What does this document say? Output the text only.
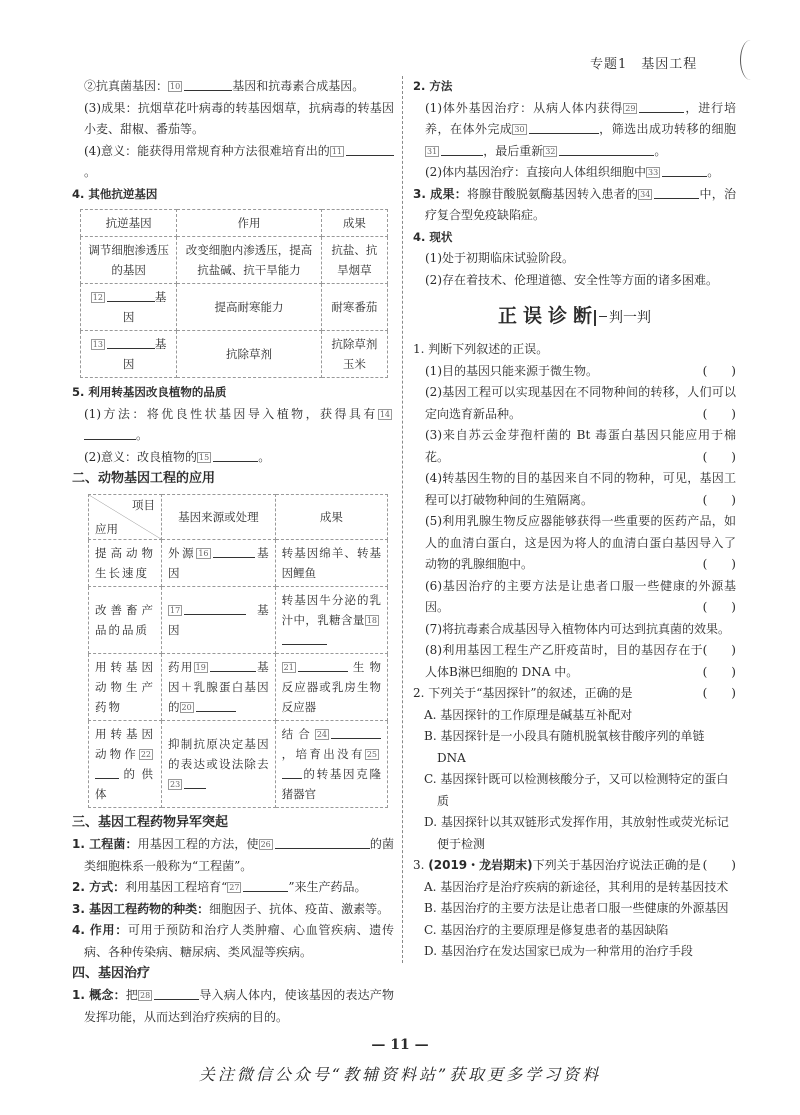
专题1　基因工程
②抗真菌基因： 10	基因和抗毒素合成基因。
(3)成果：抗烟草花叶病毒的转基因烟草，抗病毒的转基因小麦、甜椒、番茄等。
(4)意义：能获得用常规育种方法很难培育出的 11。
4. 其他抗逆基因
抗逆基因	作用	成果
调节细胞渗透压的基因	改变细胞内渗透压，提高抗盐碱、抗干旱能力	抗盐、抗旱烟草
12 基因	提高耐寒能力	耐寒番茄
13 基因	抗除草剂	抗除草剂玉米
5. 利用转基因改良植物的品质
(1)方法：将优良性状基因导入植物，获得具有 14。
(2)意义：改良植物的 15	。
二、动物基因工程的应用
项目
应用	基因来源或处理	成果
提高动物生长速度	外源 16 基因	转基因绵羊、转基因鲤鱼
改善畜产品的品质	17 基因	转基因牛分泌的乳汁中，乳糖含量 18
用转基因动物生产药物	药用 19 基因＋乳腺蛋白基因的 20	21 生物反应器或乳房生物反应器
用转基因动物作 22的供体	抑制抗原决定基因的表达或设法除去23	结合 24，培育出没有 25的转基因克隆猪器官
三、基因工程药物异军突起
1. 工程菌：用基因工程的方法，使 26	的菌类细胞株系一般称为“工程菌”。
2. 方式：利用基因工程培育“ 27	”来生产药品。
3. 基因工程药物的种类：细胞因子、抗体、疫苗、激素等。
4. 作用：可用于预防和治疗人类肿瘤、心血管疾病、遗传病、各种传染病、糖尿病、类风湿等疾病。
四、基因治疗
1. 概念：把 28	导入病人体内，使该基因的表达产物发挥功能，从而达到治疗疾病的目的。
2. 方法
(1)体外基因治疗：从病人体内获得 29	，进行培养，在体外完成 30	，筛选出成功转移的细胞31	，最后重新 32	。
(2)体内基因治疗：直接向人体组织细胞中 33	。
3. 成果：将腺苷酸脱氨酶基因转入患者的 34	中，治疗复合型免疫缺陷症。
4. 现状
(1)处于初期临床试验阶段。
(2)存在着技术、伦理道德、安全性等方面的诸多困难。
正误诊断 判一判
1. 判断下列叙述的正误。
(1)目的基因只能来源于微生物。	(　　)
(2)基因工程可以实现基因在不同物种间的转移，人们可以定向选育新品种。	(　　)
(3)来自苏云金芽孢杆菌的 Bt 毒蛋白基因只能应用于棉花。	(　　)
(4)转基因生物的目的基因来自不同的物种，可见，基因工程可以打破物种间的生殖隔离。	(　　)
(5)利用乳腺生物反应器能够获得一些重要的医药产品，如人的血清白蛋白，这是因为将人的血清白蛋白基因导入了动物的乳腺细胞中。	(　　)
(6)基因治疗的主要方法是让患者口服一些健康的外源基因。	(　　)
(7)将抗毒素合成基因导入植物体内可达到抗真菌的效果。
(　　)
(8)利用基因工程生产乙肝疫苗时，目的基因存在于人体B淋巴细胞的 DNA 中。	(　　)
2. 下列关于“基因探针”的叙述，正确的是	(　　)
A. 基因探针的工作原理是碱基互补配对
B. 基因探针是一小段具有随机脱氧核苷酸序列的单链 DNA
C. 基因探针既可以检测核酸分子，又可以检测特定的蛋白质
D. 基因探针以其双链形式发挥作用，其放射性或荧光标记便于检测
3. (2019・龙岩期末)下列关于基因治疗说法正确的是 (　　)
A. 基因治疗是治疗疾病的新途径，其利用的是转基因技术
B. 基因治疗的主要方法是让患者口服一些健康的外源基因
C. 基因治疗的主要原理是修复患者的基因缺陷
D. 基因治疗在发达国家已成为一种常用的治疗手段
— 11 —
关注微信公众号“教辅资料站”获取更多学习资料
